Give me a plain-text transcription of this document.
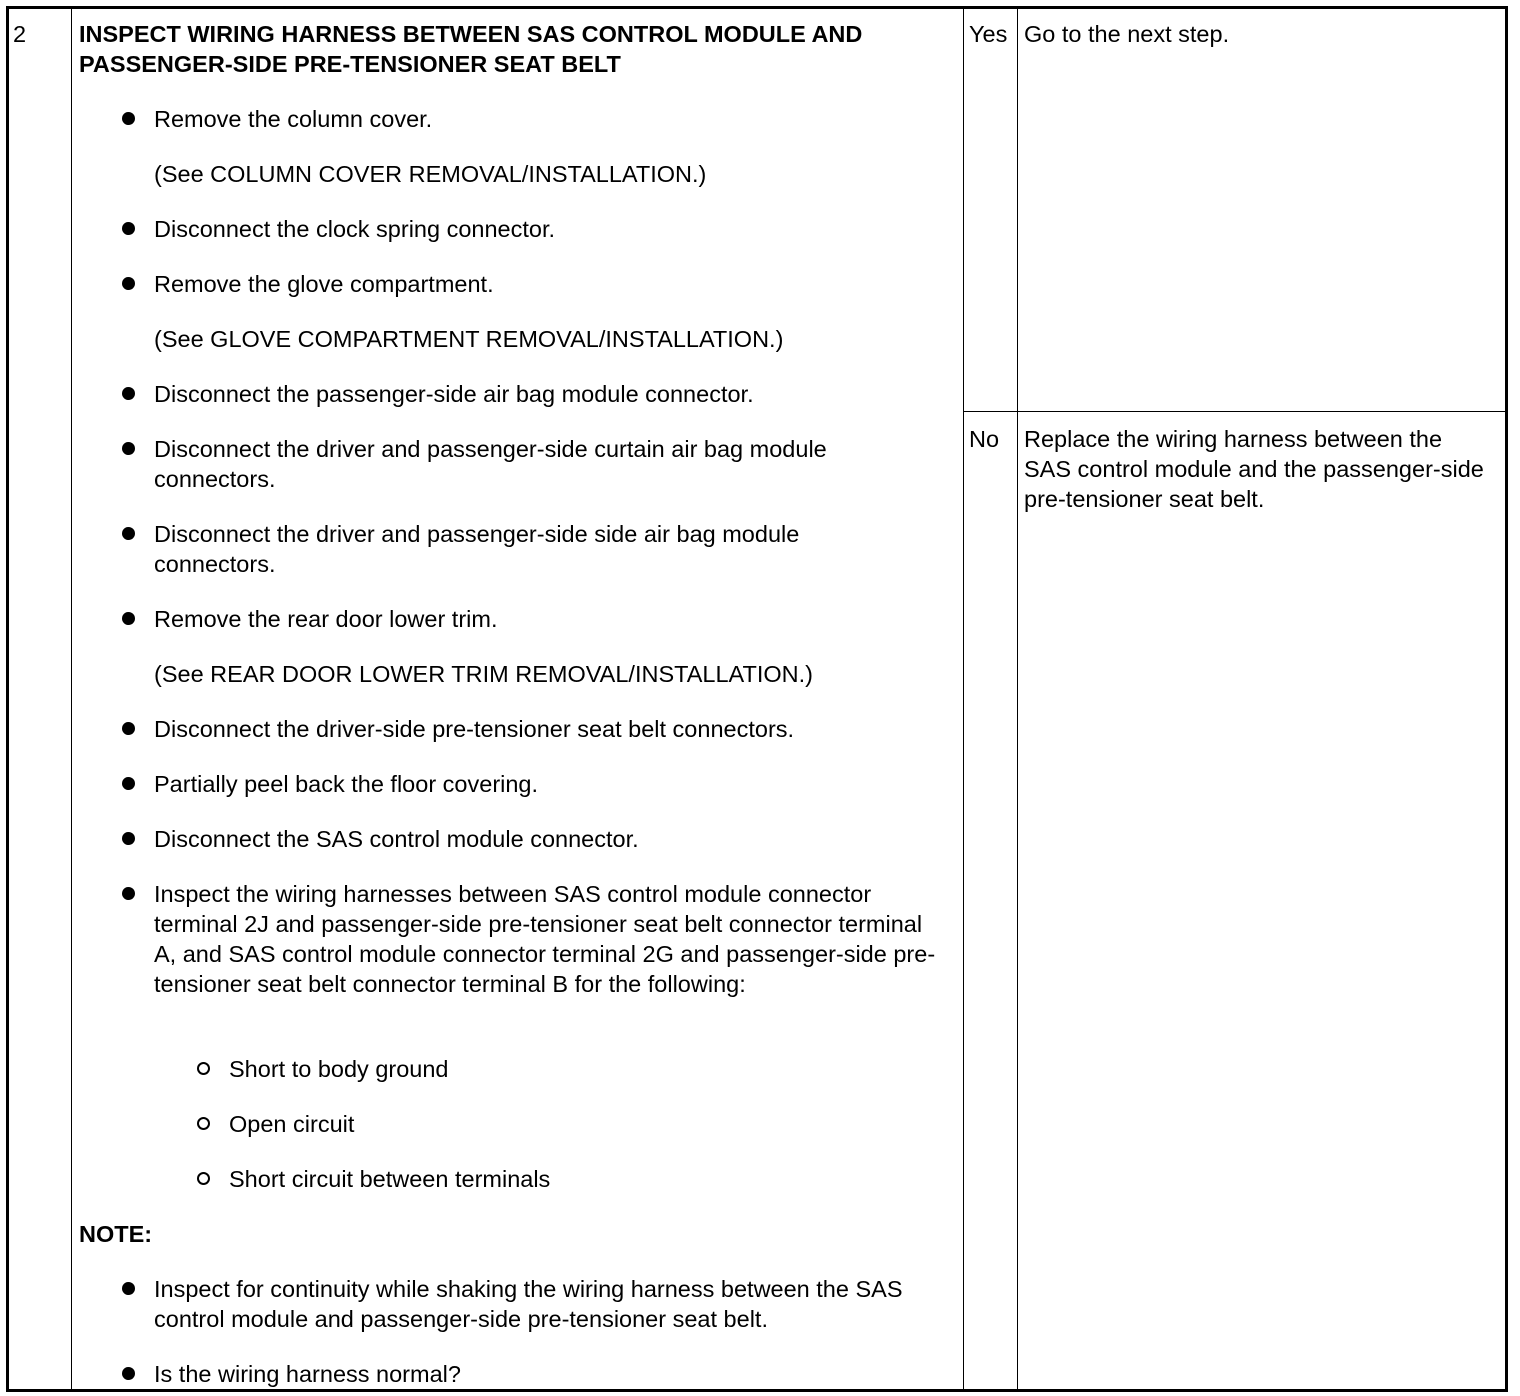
2 INSPECT WIRING HARNESS BETWEEN SAS CONTROL MODULE AND PASSENGER-SIDE PRE-TENSIONER SEAT BELT
Remove the column cover.
(See COLUMN COVER REMOVAL/INSTALLATION.)
Disconnect the clock spring connector.
Remove the glove compartment.
(See GLOVE COMPARTMENT REMOVAL/INSTALLATION.)
Disconnect the passenger-side air bag module connector.
Disconnect the driver and passenger-side curtain air bag module connectors.
Disconnect the driver and passenger-side side air bag module connectors.
Remove the rear door lower trim.
(See REAR DOOR LOWER TRIM REMOVAL/INSTALLATION.)
Disconnect the driver-side pre-tensioner seat belt connectors.
Partially peel back the floor covering.
Disconnect the SAS control module connector.
Inspect the wiring harnesses between SAS control module connector terminal 2J and passenger-side pre-tensioner seat belt connector terminal A, and SAS control module connector terminal 2G and passenger-side pre-tensioner seat belt connector terminal B for the following:
Short to body ground
Open circuit
Short circuit between terminals
NOTE:
Inspect for continuity while shaking the wiring harness between the SAS control module and passenger-side pre-tensioner seat belt.
Is the wiring harness normal?
Yes Go to the next step.
No Replace the wiring harness between the SAS control module and the passenger-side pre-tensioner seat belt.
